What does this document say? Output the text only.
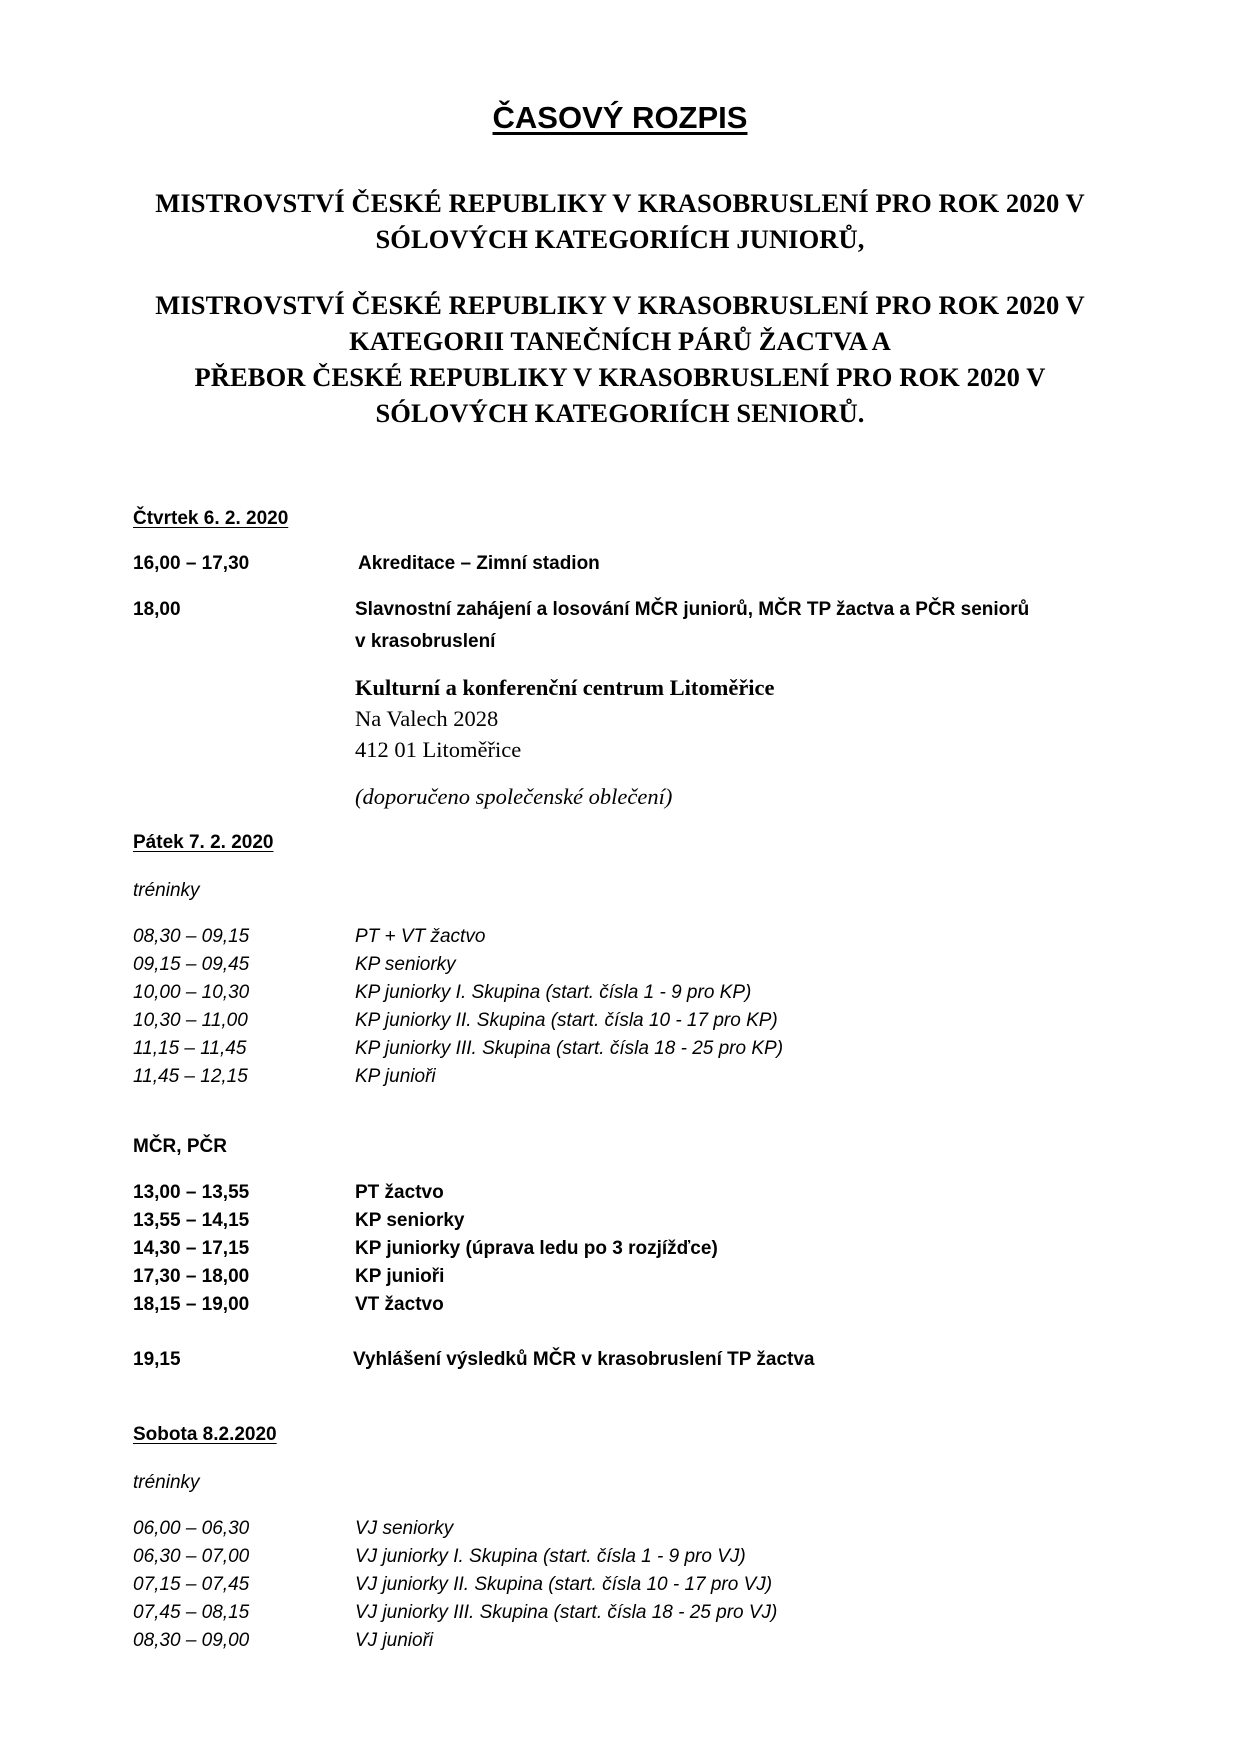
ČASOVÝ ROZPIS
MISTROVSTVÍ ČESKÉ REPUBLIKY V KRASOBRUSLENÍ PRO ROK 2020 V
SÓLOVÝCH KATEGORIÍCH JUNIORŮ,
MISTROVSTVÍ ČESKÉ REPUBLIKY V KRASOBRUSLENÍ PRO ROK 2020 V
KATEGORII TANEČNÍCH PÁRŮ ŽACTVA A
PŘEBOR ČESKÉ REPUBLIKY V KRASOBRUSLENÍ PRO ROK 2020 V
SÓLOVÝCH KATEGORIÍCH SENIORŮ.
Čtvrtek 6. 2. 2020
16,00 – 17,30	Akreditace – Zimní stadion
18,00	Slavnostní zahájení a losování MČR juniorů, MČR TP žactva a PČR seniorů
v krasobruslení
Kulturní a konferenční centrum Litoměřice
Na Valech 2028
412 01 Litoměřice
(doporučeno společenské oblečení)
Pátek 7. 2. 2020
tréninky
08,30 – 09,15	PT + VT žactvo
09,15 – 09,45	KP seniorky
10,00 – 10,30	KP juniorky I. Skupina (start. čísla 1 - 9 pro KP)
10,30 – 11,00	KP juniorky II. Skupina (start. čísla 10 - 17 pro KP)
11,15 – 11,45	KP juniorky III. Skupina (start. čísla 18 - 25 pro KP)
11,45 – 12,15	KP junioři
MČR, PČR
13,00 – 13,55	PT žactvo
13,55 – 14,15	KP seniorky
14,30 – 17,15	KP juniorky (úprava ledu po 3 rozjížďce)
17,30 – 18,00	KP junioři
18,15 – 19,00	VT žactvo
19,15	Vyhlášení výsledků MČR v krasobruslení TP žactva
Sobota 8.2.2020
tréninky
06,00 – 06,30	VJ seniorky
06,30 – 07,00	VJ juniorky I. Skupina (start. čísla 1 - 9 pro VJ)
07,15 – 07,45	VJ juniorky II. Skupina (start. čísla 10 - 17 pro VJ)
07,45 – 08,15	VJ juniorky III. Skupina (start. čísla 18 - 25 pro VJ)
08,30 – 09,00	VJ junioři
